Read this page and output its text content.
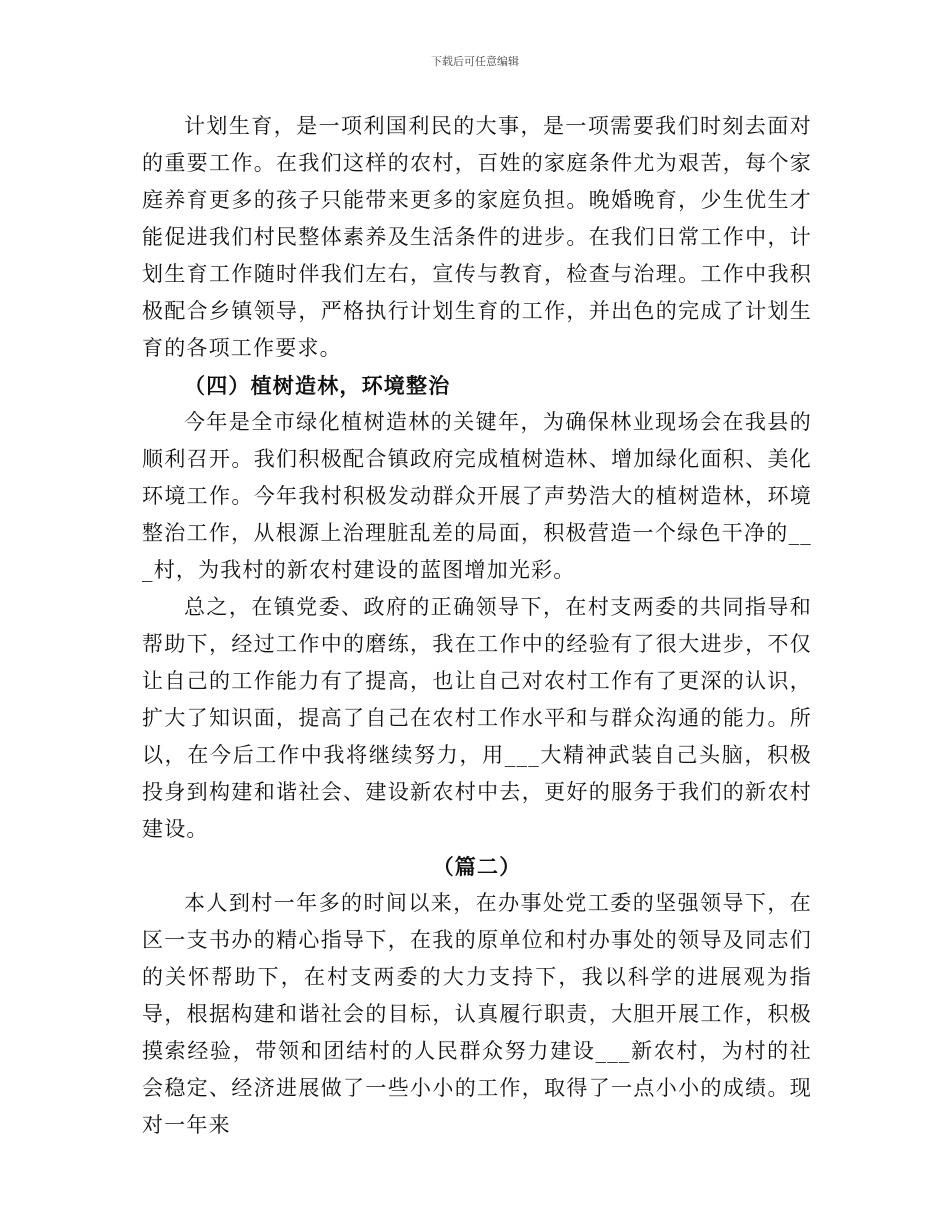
下载后可任意编辑

计划生育，是一项利国利民的大事，是一项需要我们时刻去面对的重要工作。在我们这样的农村，百姓的家庭条件尤为艰苦，每个家庭养育更多的孩子只能带来更多的家庭负担。晚婚晚育，少生优生才能促进我们村民整体素养及生活条件的进步。在我们日常工作中，计划生育工作随时伴我们左右，宣传与教育，检查与治理。工作中我积极配合乡镇领导，严格执行计划生育的工作，并出色的完成了计划生育的各项工作要求。

（四）植树造林，环境整治

今年是全市绿化植树造林的关键年，为确保林业现场会在我县的顺利召开。我们积极配合镇政府完成植树造林、增加绿化面积、美化环境工作。今年我村积极发动群众开展了声势浩大的植树造林，环境整治工作，从根源上治理脏乱差的局面，积极营造一个绿色干净的___村，为我村的新农村建设的蓝图增加光彩。

总之，在镇党委、政府的正确领导下，在村支两委的共同指导和帮助下，经过工作中的磨练，我在工作中的经验有了很大进步，不仅让自己的工作能力有了提高，也让自己对农村工作有了更深的认识，扩大了知识面，提高了自己在农村工作水平和与群众沟通的能力。所以，在今后工作中我将继续努力，用___大精神武装自己头脑，积极投身到构建和谐社会、建设新农村中去，更好的服务于我们的新农村建设。

（篇二）

本人到村一年多的时间以来，在办事处党工委的坚强领导下，在区一支书办的精心指导下，在我的原单位和村办事处的领导及同志们的关怀帮助下，在村支两委的大力支持下，我以科学的进展观为指导，根据构建和谐社会的目标，认真履行职责，大胆开展工作，积极摸索经验，带领和团结村的人民群众努力建设___新农村，为村的社会稳定、经济进展做了一些小小的工作，取得了一点小小的成绩。现对一年来
